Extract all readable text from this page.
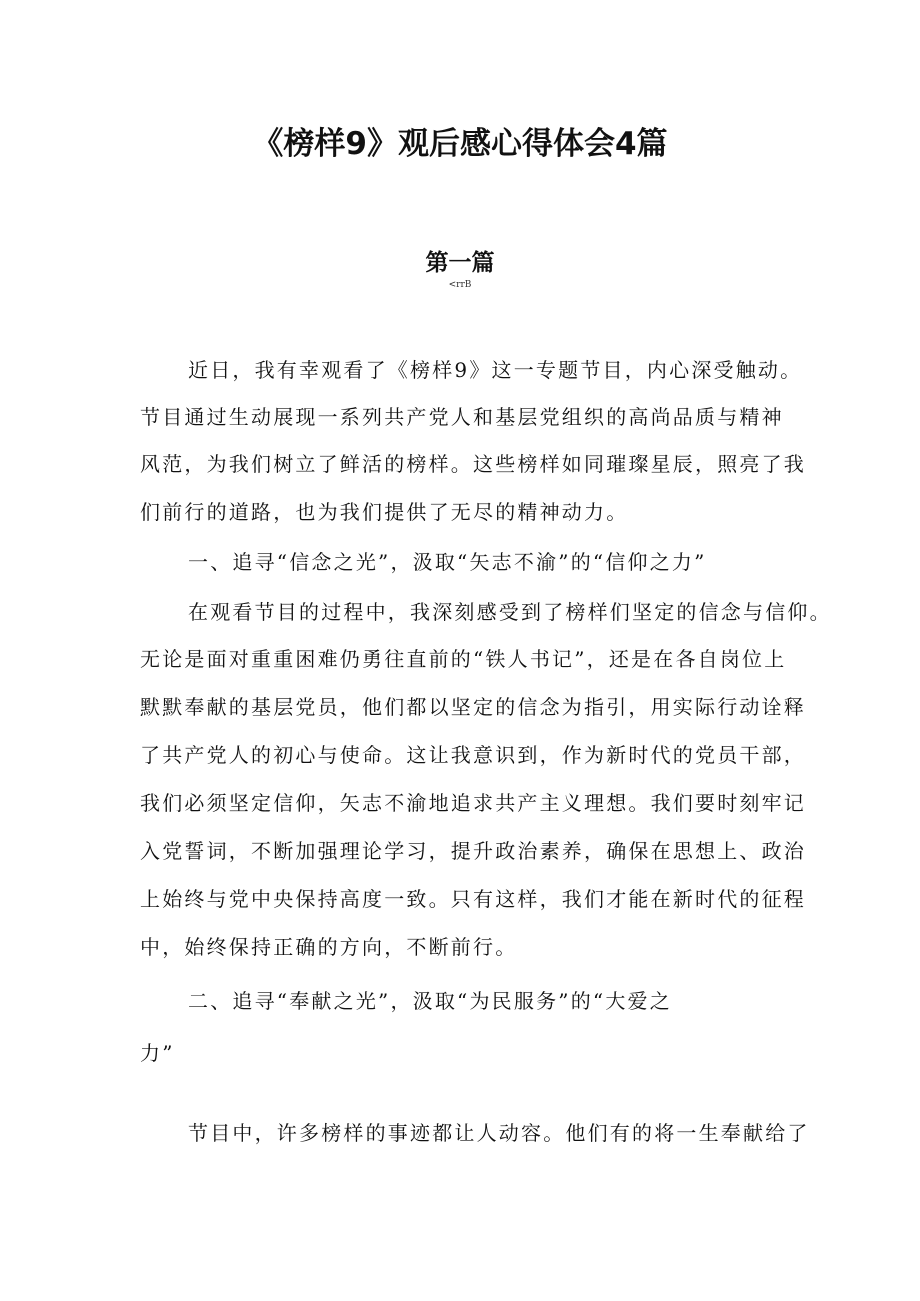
《榜样9》观后感心得体会4篇
第一篇
<rrB

近日，我有幸观看了《榜样9》这一专题节目，内心深受触动。

节目通过生动展现一系列共产党人和基层党组织的高尚品质与精神

风范，为我们树立了鲜活的榜样。这些榜样如同璀璨星辰，照亮了我

们前行的道路，也为我们提供了无尽的精神动力。

一、追寻“信念之光”，汲取“矢志不渝”的“信仰之力”

在观看节目的过程中，我深刻感受到了榜样们坚定的信念与信仰。

无论是面对重重困难仍勇往直前的“铁人书记”，还是在各自岗位上

默默奉献的基层党员，他们都以坚定的信念为指引，用实际行动诠释

了共产党人的初心与使命。这让我意识到，作为新时代的党员干部，

我们必须坚定信仰，矢志不渝地追求共产主义理想。我们要时刻牢记

入党誓词，不断加强理论学习，提升政治素养，确保在思想上、政治

上始终与党中央保持高度一致。只有这样，我们才能在新时代的征程

中，始终保持正确的方向，不断前行。

二、追寻“奉献之光”，汲取“为民服务”的“大爱之

力”

节目中，许多榜样的事迹都让人动容。他们有的将一生奉献给了
